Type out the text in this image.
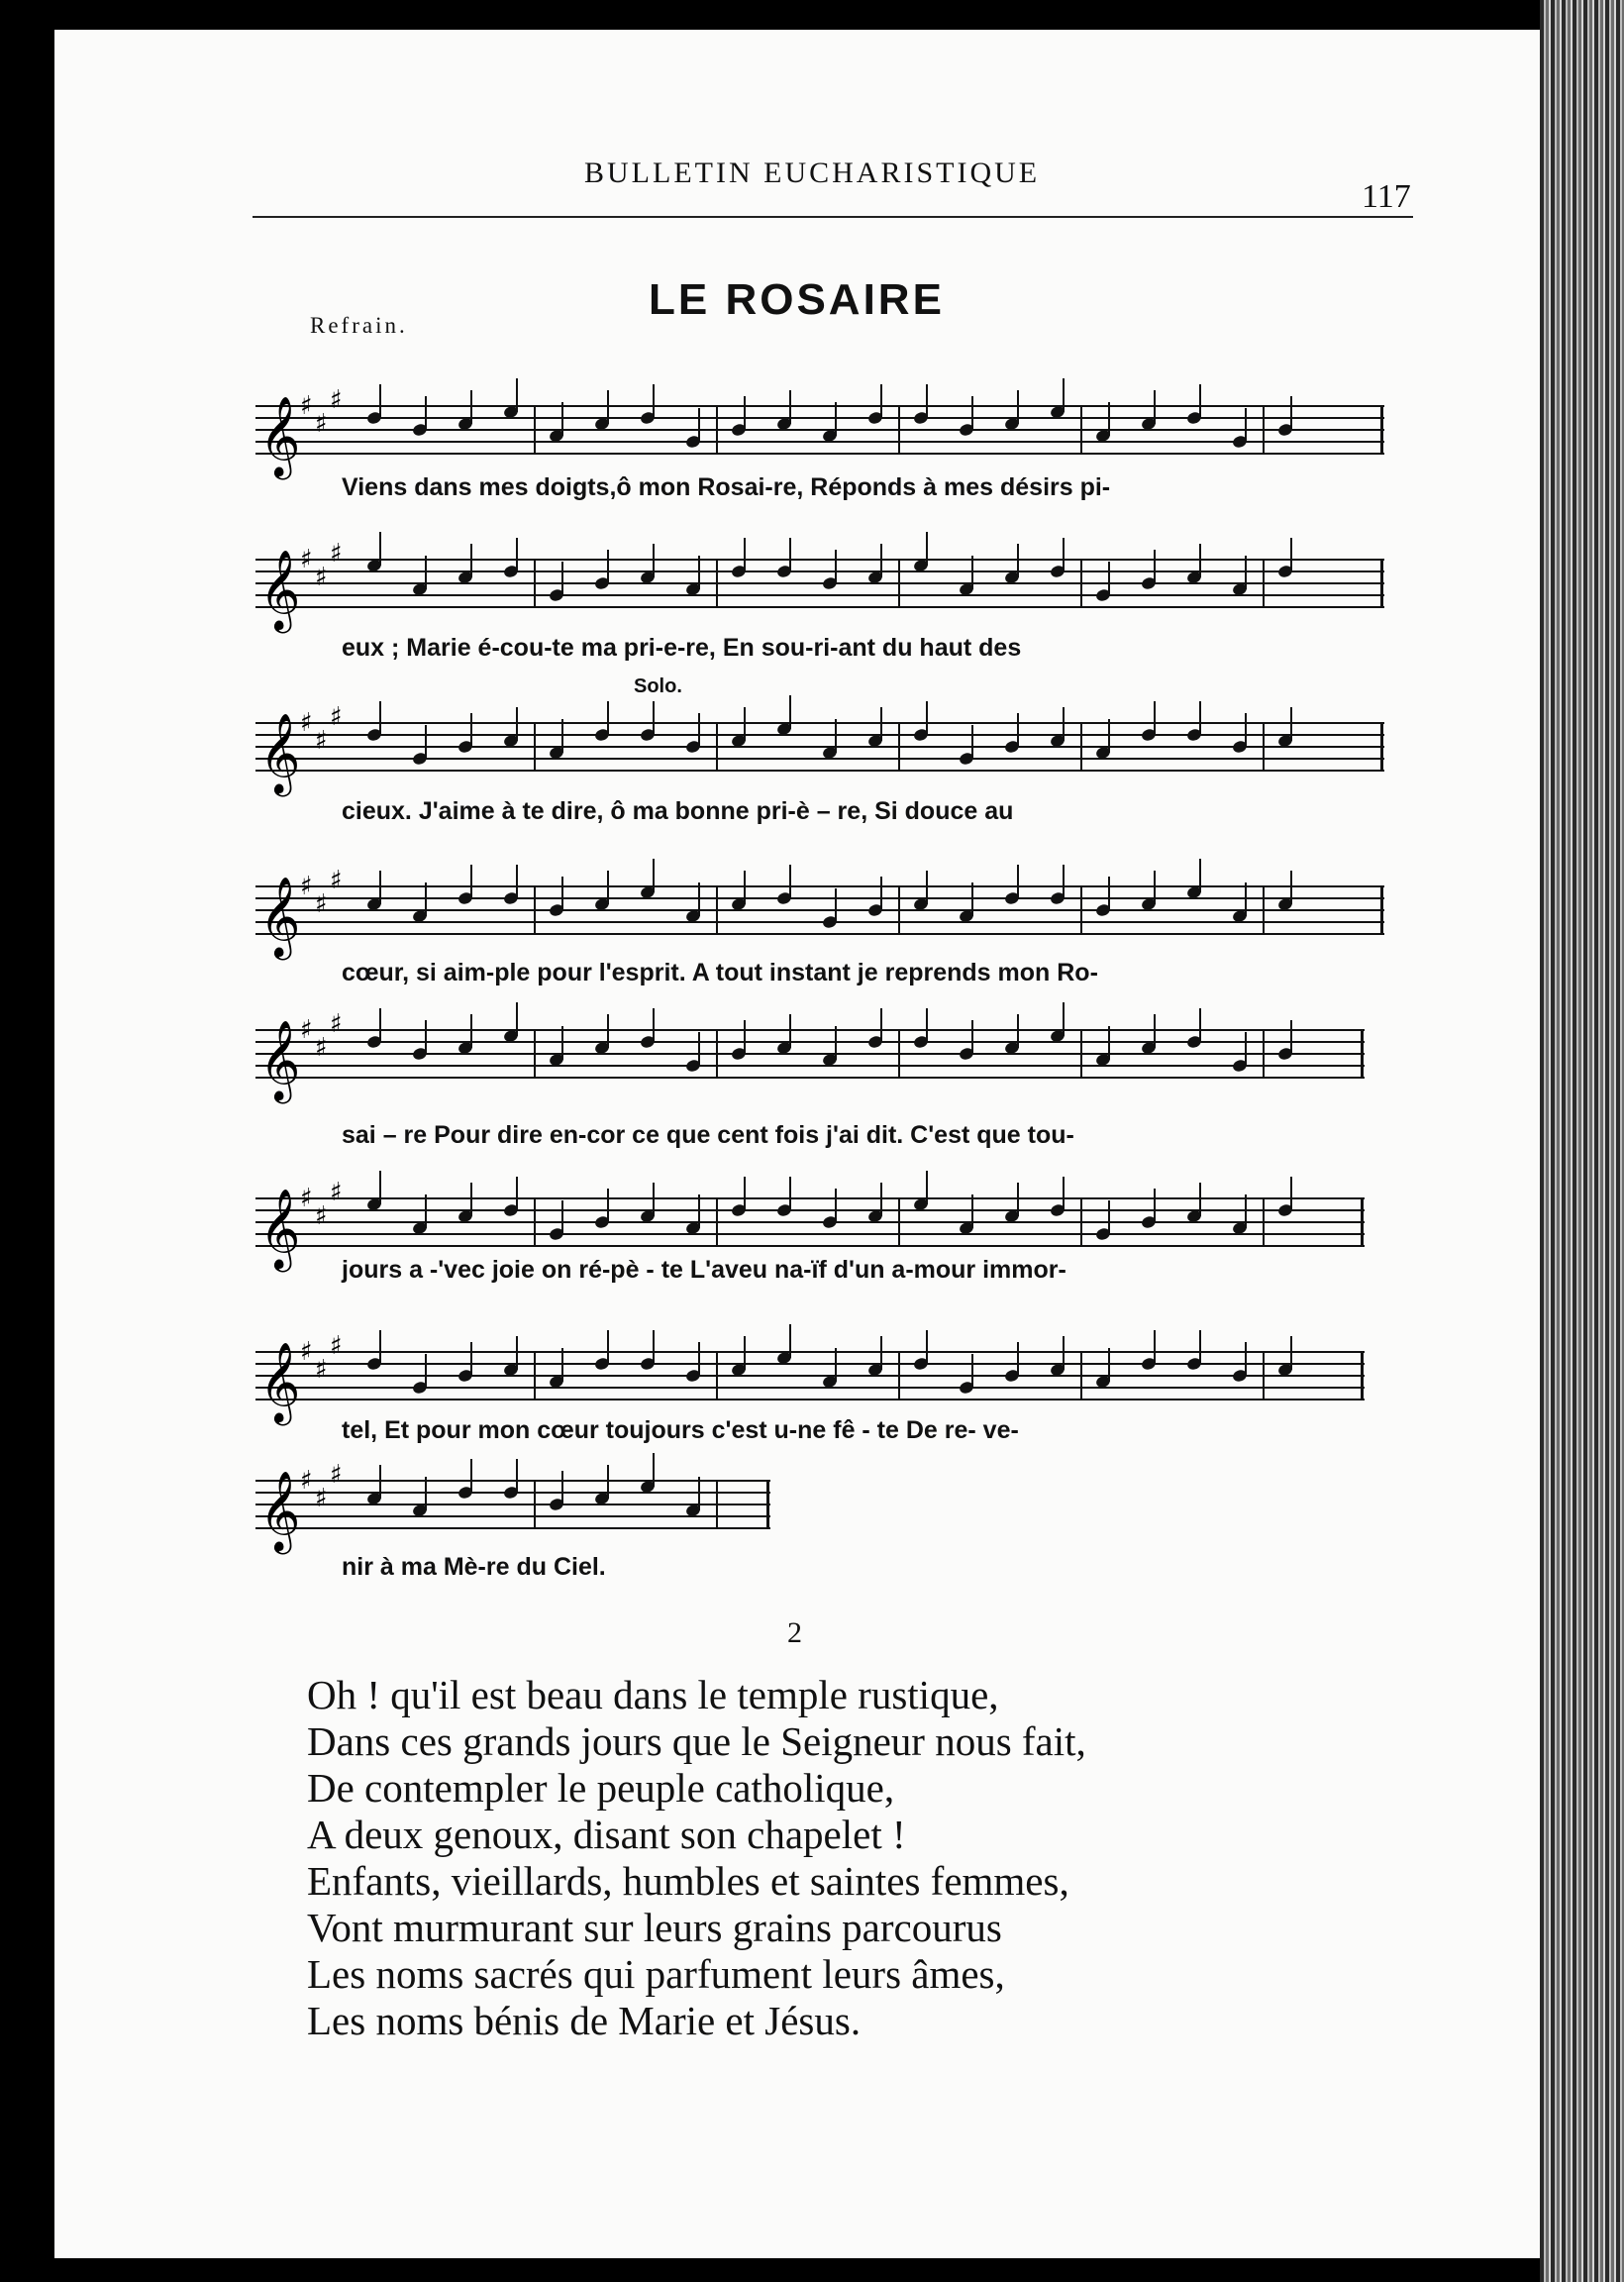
BULLETIN EUCHARISTIQUE
117
LE ROSAIRE
Refrain.
Solo.
𝄞 ♯
♯
♯
Viens dans mes doigts,ô mon Rosai-re, Réponds à mes désirs pi-
𝄞 ♯
♯
♯
eux ; Marie é-cou-te ma pri-e-re, En sou-ri-ant du haut des
𝄞 ♯
♯
♯
cieux. J'aime à te dire, ô ma bonne pri-è – re, Si douce au
𝄞 ♯
♯
♯
cœur, si aim-ple pour l'esprit. A tout instant je reprends mon Ro-
𝄞 ♯
♯
♯
sai – re Pour dire en-cor ce que cent fois j'ai dit. C'est que tou-
𝄞 ♯
♯
♯
jours a -'vec joie on ré-pè - te L'aveu na-ïf d'un a-mour immor-
𝄞 ♯
♯
♯
tel, Et pour mon cœur toujours c'est u-ne fê - te De re- ve-
𝄞 ♯
♯
♯
nir à ma Mè-re du Ciel.
2
Oh ! qu'il est beau dans le temple rustique,
Dans ces grands jours que le Seigneur nous fait,
De contempler le peuple catholique,
A deux genoux, disant son chapelet !
Enfants, vieillards, humbles et saintes femmes,
Vont murmurant sur leurs grains parcourus
Les noms sacrés qui parfument leurs âmes,
Les noms bénis de Marie et Jésus.
